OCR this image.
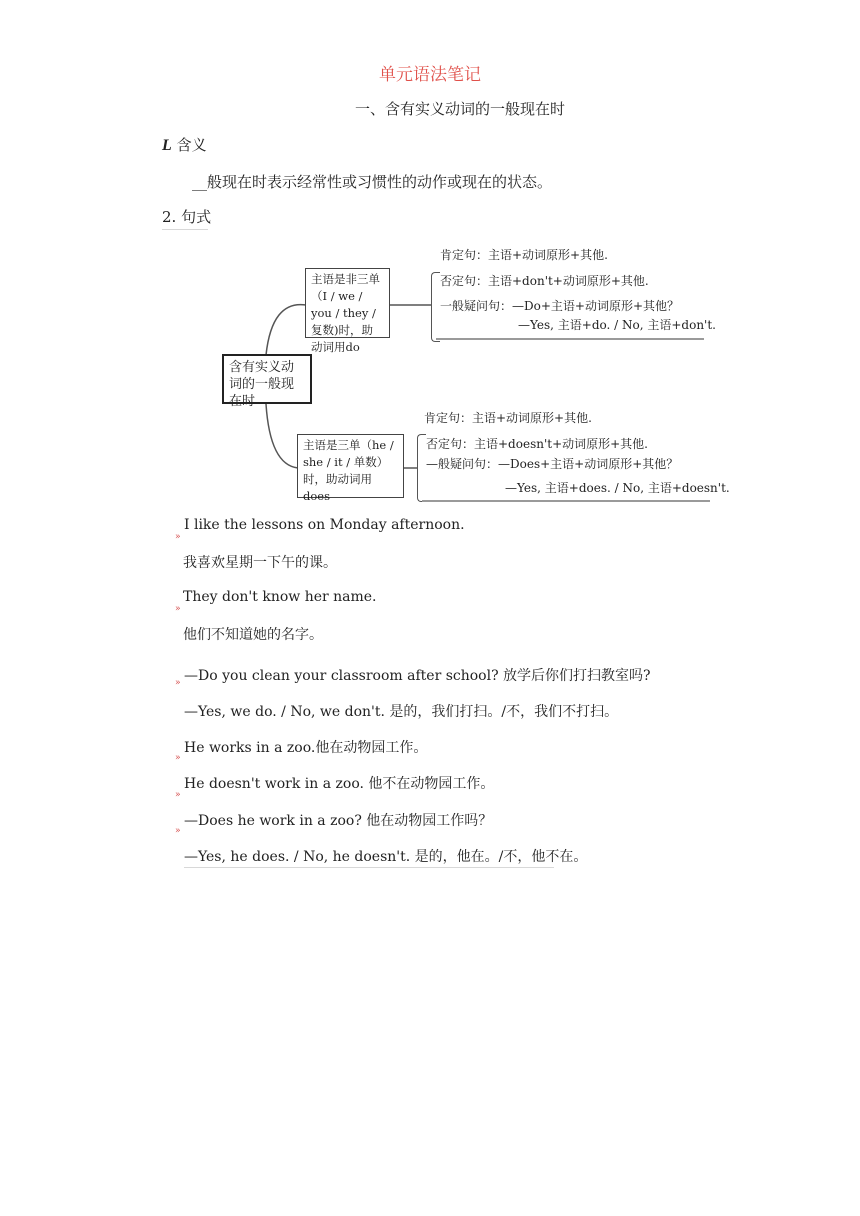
单元语法笔记
一、含有实义动词的一般现在时
L 含义
__般现在时表示经常性或习惯性的动作或现在的状态。
2. 句式
含有实义动词的一般现在时
主语是非三单（I / we / you / they / 复数)时，助动词用do
肯定句：主语+动词原形+其他.
否定句：主语+don't+动词原形+其他.
一般疑问句：—Do+主语+动词原形+其他？
—Yes, 主语+do. / No, 主语+don't.
主语是三单（he / she / it / 单数）时，助动词用does
肯定句：主语+动词原形+其他.
否定句：主语+doesn't+动词原形+其他.
—般疑问句：—Does+主语+动词原形+其他？
—Yes, 主语+does. / No, 主语+doesn't.
»
I like the lessons on Monday afternoon.
我喜欢星期一下午的课。
»
They don't know her name.
他们不知道她的名字。
» —Do you clean your classroom after school? 放学后你们打扫教室吗?
—Yes, we do. / No, we don't. 是的，我们打扫。/不，我们不打扫。
»
He works in a zoo.他在动物园工作。
»
He doesn't work in a zoo. 他不在动物园工作。
»
—Does he work in a zoo? 他在动物园工作吗？
—Yes, he does. / No, he doesn't. 是的，他在。/不，他不在。
